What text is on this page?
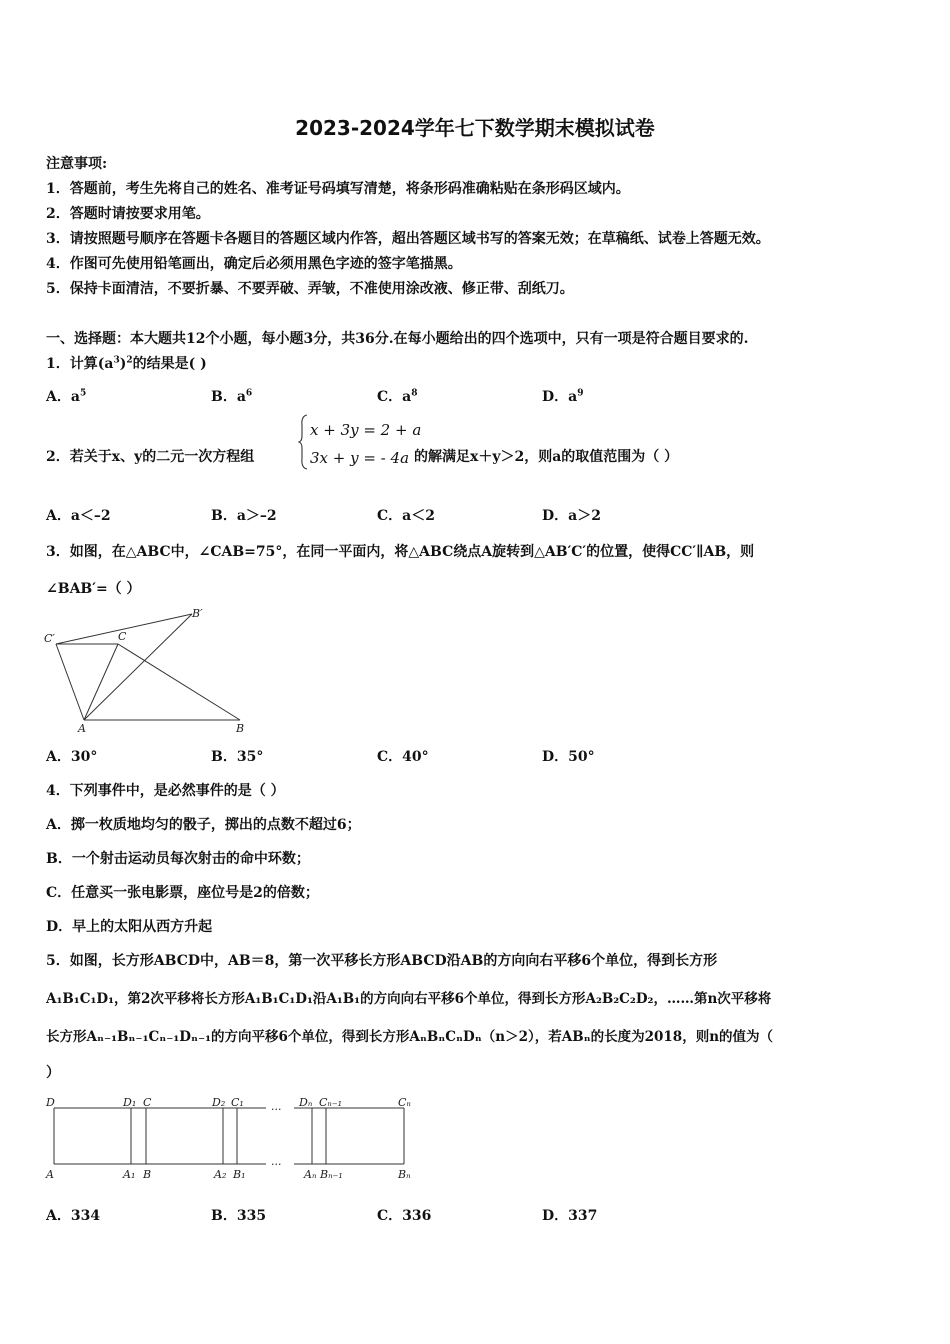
2023-2024学年七下数学期末模拟试卷
注意事项:
1．答题前，考生先将自己的姓名、准考证号码填写清楚，将条形码准确粘贴在条形码区域内。
2．答题时请按要求用笔。
3．请按照题号顺序在答题卡各题目的答题区域内作答，超出答题区域书写的答案无效；在草稿纸、试卷上答题无效。
4．作图可先使用铅笔画出，确定后必须用黑色字迹的签字笔描黑。
5．保持卡面清洁，不要折暴、不要弄破、弄皱，不准使用涂改液、修正带、刮纸刀。
一、选择题：本大题共12个小题，每小题3分，共36分.在每小题给出的四个选项中，只有一项是符合题目要求的.
1．计算$(a^3)^2$的结果是( )
A．$a^5$	B．$a^6$	C．$a^8$	D．$a^9$
2．若关于x、y的二元一次方程组
x + 3y = 2 + a
3x + y = - 4a 的解满足x＋y＞2，则a的取值范围为（ ）
A．a＜–2	B．a＞–2	C．a＜2	D．a＞2
3．如图，在△ABC中，∠CAB=75°，在同一平面内，将△ABC绕点A旋转到△AB′C′的位置，使得CC′∥AB，则
∠BAB′=（ ）
C′	C
B′
A	B
A．30°	B．35°	C．40°	D．50°
4．下列事件中，是必然事件的是（ ）
A．掷一枚质地均匀的骰子，掷出的点数不超过6；
B．一个射击运动员每次射击的命中环数；
C．任意买一张电影票，座位号是2的倍数；
D．早上的太阳从西方升起
5．如图，长方形ABCD中，AB＝8，第一次平移长方形ABCD沿AB的方向向右平移6个单位，得到长方形
A₁B₁C₁D₁，第2次平移将长方形A₁B₁C₁D₁沿A₁B₁的方向向右平移6个单位，得到长方形A₂B₂C₂D₂，……第n次平移将
长方形Aₙ₋₁Bₙ₋₁Cₙ₋₁Dₙ₋₁的方向平移6个单位，得到长方形AₙBₙCₙDₙ（n＞2），若ABₙ的长度为2018，则n的值为（
）
D	D₁ C	D₂ C₁
···
Dₙ Cₙ₋₁	Cₙ
A	A₁ B	A₂ B₁
···
Aₙ Bₙ₋₁	Bₙ
A．334	B．335	C．336	D．337
